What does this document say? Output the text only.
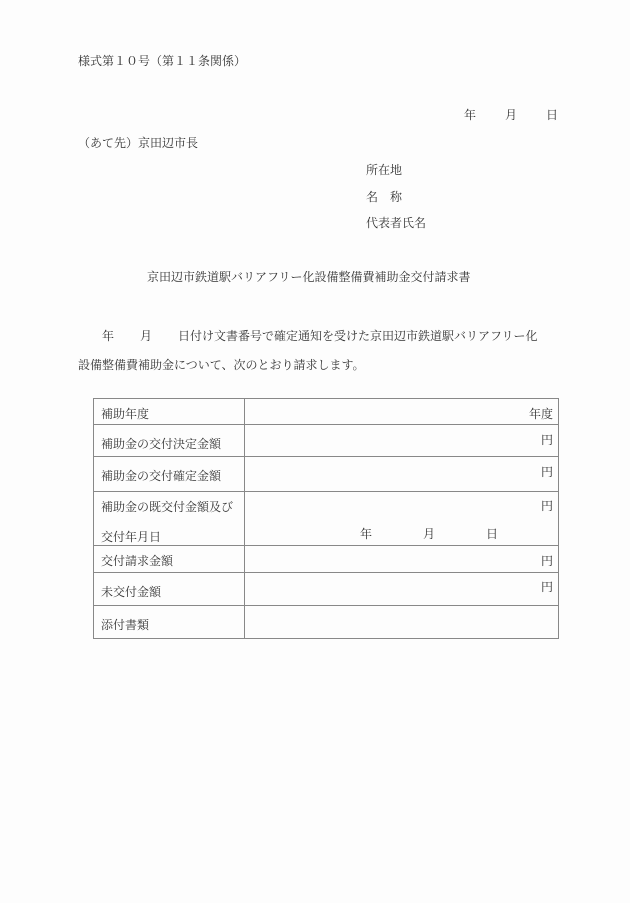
様式第１０号（第１１条関係）
年 月 日
（あて先）京田辺市長
所在地
名　称
代表者氏名
京田辺市鉄道駅バリアフリー化設備整備費補助金交付請求書
年 月 日付け文書番号で確定通知を受けた京田辺市鉄道駅バリアフリー化
設備整備費補助金について、次のとおり請求します。
補助年度	年度

補助金の交付決定金額	円

補助金の交付確定金額	円

補助金の既交付金額及び
交付年月日	円
年 月 日

交付請求金額	円

未交付金額	円

添付書類	
